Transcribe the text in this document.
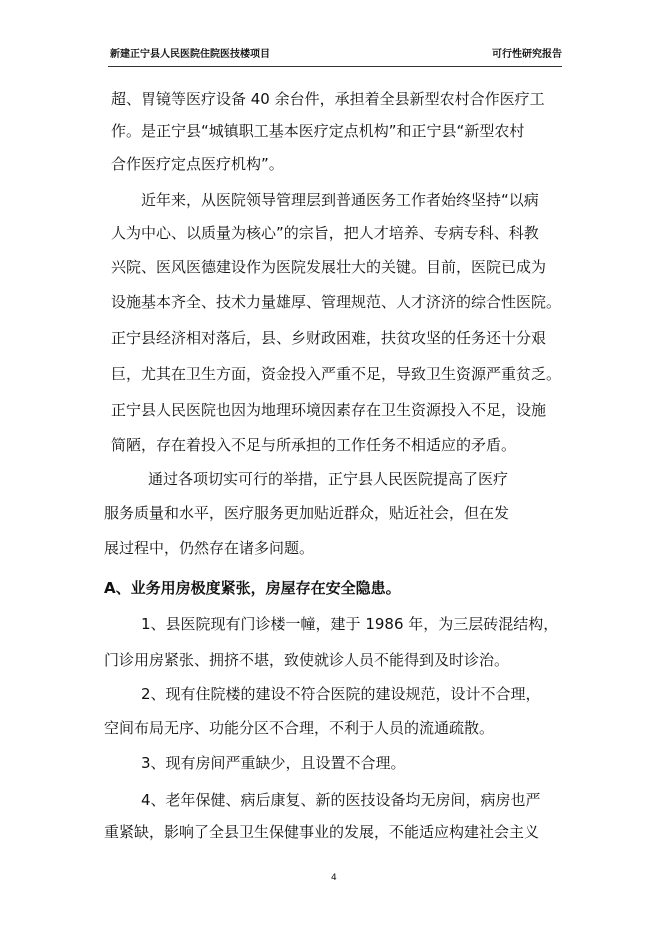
新建正宁县人民医院住院医技楼项目	可行性研究报告
超、胃镜等医疗设备 40 余台件，承担着全县新型农村合作医疗工
作。是正宁县“城镇职工基本医疗定点机构”和正宁县“新型农村
合作医疗定点医疗机构”。
近年来，从医院领导管理层到普通医务工作者始终坚持“以病
人为中心、以质量为核心”的宗旨，把人才培养、专病专科、科教
兴院、医风医德建设作为医院发展壮大的关键。目前，医院已成为
设施基本齐全、技术力量雄厚、管理规范、人才济济的综合性医院。
正宁县经济相对落后，县、乡财政困难，扶贫攻坚的任务还十分艰
巨，尤其在卫生方面，资金投入严重不足，导致卫生资源严重贫乏。
正宁县人民医院也因为地理环境因素存在卫生资源投入不足，设施
简陋，存在着投入不足与所承担的工作任务不相适应的矛盾。
通过各项切实可行的举措，正宁县人民医院提高了医疗
服务质量和水平，医疗服务更加贴近群众，贴近社会，但在发
展过程中，仍然存在诸多问题。
A、业务用房极度紧张，房屋存在安全隐患。
1、县医院现有门诊楼一幢，建于 1986 年，为三层砖混结构，
门诊用房紧张、拥挤不堪，致使就诊人员不能得到及时诊治。
2、现有住院楼的建设不符合医院的建设规范，设计不合理，
空间布局无序、功能分区不合理，不利于人员的流通疏散。
3、现有房间严重缺少，且设置不合理。
4、老年保健、病后康复、新的医技设备均无房间，病房也严
重紧缺，影响了全县卫生保健事业的发展，不能适应构建社会主义
4
